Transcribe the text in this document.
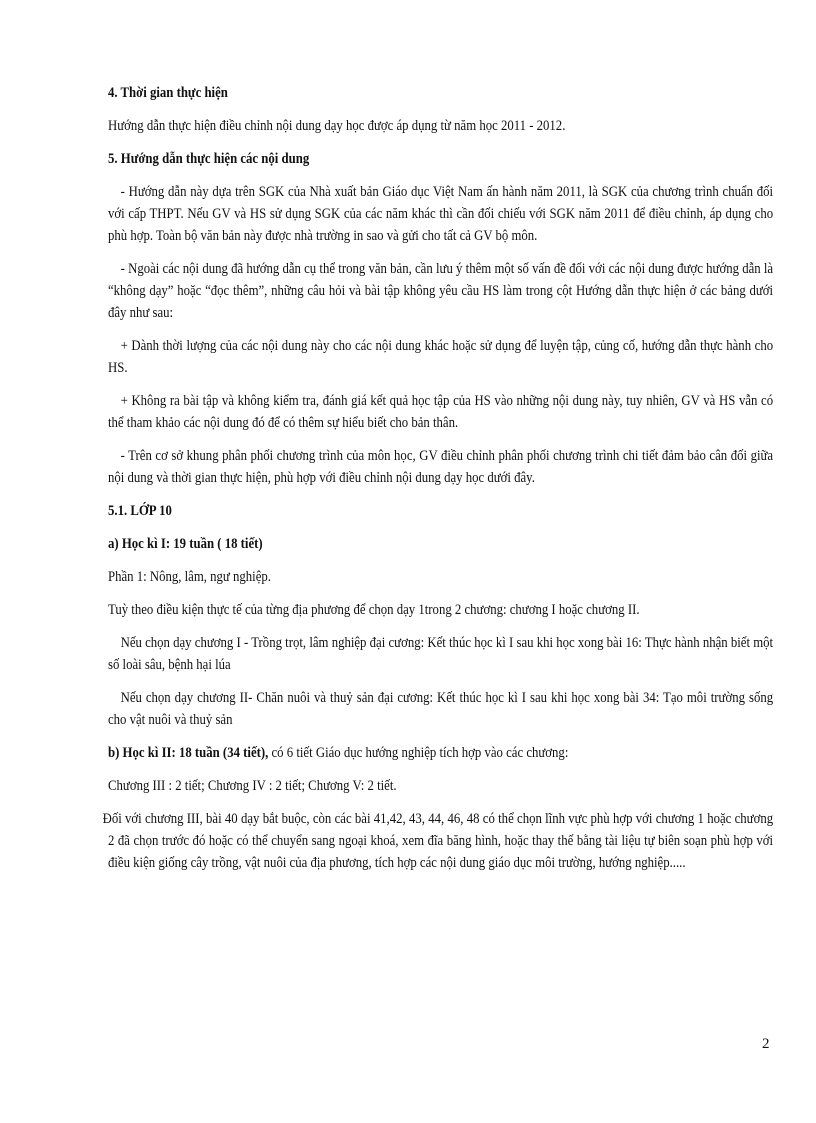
4. Thời gian thực hiện

Hướng dẫn thực hiện điều chỉnh nội dung dạy học được áp dụng từ năm học 2011 - 2012.

5. Hướng dẫn thực hiện các nội dung

- Hướng dẫn này dựa trên SGK của Nhà xuất bản Giáo dục Việt Nam ấn hành năm 2011, là SGK của chương trình chuẩn đối với cấp THPT. Nếu GV và HS sử dụng SGK của các năm khác thì cần đối chiếu với SGK năm 2011 để điều chỉnh, áp dụng cho phù hợp. Toàn bộ văn bản này được nhà trường in sao và gửi cho tất cả GV bộ môn.

- Ngoài các nội dung đã hướng dẫn cụ thể trong văn bản, cần lưu ý thêm một số vấn đề đối với các nội dung được hướng dẫn là “không dạy” hoặc “đọc thêm”, những câu hỏi và bài tập không yêu cầu HS làm trong cột Hướng dẫn thực hiện ở các bảng dưới đây như sau:

+ Dành thời lượng của các nội dung này cho các nội dung khác hoặc sử dụng để luyện tập, củng cố, hướng dẫn thực hành cho HS.

+ Không ra bài tập và không kiểm tra, đánh giá kết quả học tập của HS vào những nội dung này, tuy nhiên, GV và HS vẫn có thể tham khảo các nội dung đó để có thêm sự hiểu biết cho bản thân.

- Trên cơ sở khung phân phối chương trình của môn học, GV điều chỉnh phân phối chương trình chi tiết đảm bảo cân đối giữa nội dung và thời gian thực hiện, phù hợp với điều chỉnh nội dung dạy học dưới đây.

5.1. LỚP 10

a) Học kì I: 19 tuần ( 18 tiết)

Phần 1: Nông, lâm, ngư nghiệp.

Tuỳ theo điều kiện thực tế của từng địa phương để chọn dạy 1trong 2 chương: chương I hoặc chương II.

Nếu chọn dạy chương I - Trồng trọt, lâm nghiệp đại cương: Kết thúc học kì I sau khi học xong bài 16: Thực hành nhận biết một số loài sâu, bệnh hại lúa

Nếu chọn dạy chương II- Chăn nuôi và thuỷ sản đại cương: Kết thúc học kì I sau khi học xong bài 34: Tạo môi trường sống cho vật nuôi và thuỷ sản

b) Học kì II: 18 tuần (34 tiết), có 6 tiết Giáo dục hướng nghiệp tích hợp vào các chương:

Chương III : 2 tiết; Chương IV : 2 tiết; Chương V: 2 tiết.

Đối với chương III, bài 40 dạy bắt buộc, còn các bài 41,42, 43, 44, 46, 48 có thể chọn lĩnh vực phù hợp với chương 1 hoặc chương 2 đã chọn trước đó hoặc có thể chuyển sang ngoại khoá, xem đĩa băng hình, hoặc thay thế bằng tài liệu tự biên soạn phù hợp với điều kiện giống cây trồng, vật nuôi của địa phương, tích hợp các nội dung giáo dục môi trường, hướng nghiệp.....

2
